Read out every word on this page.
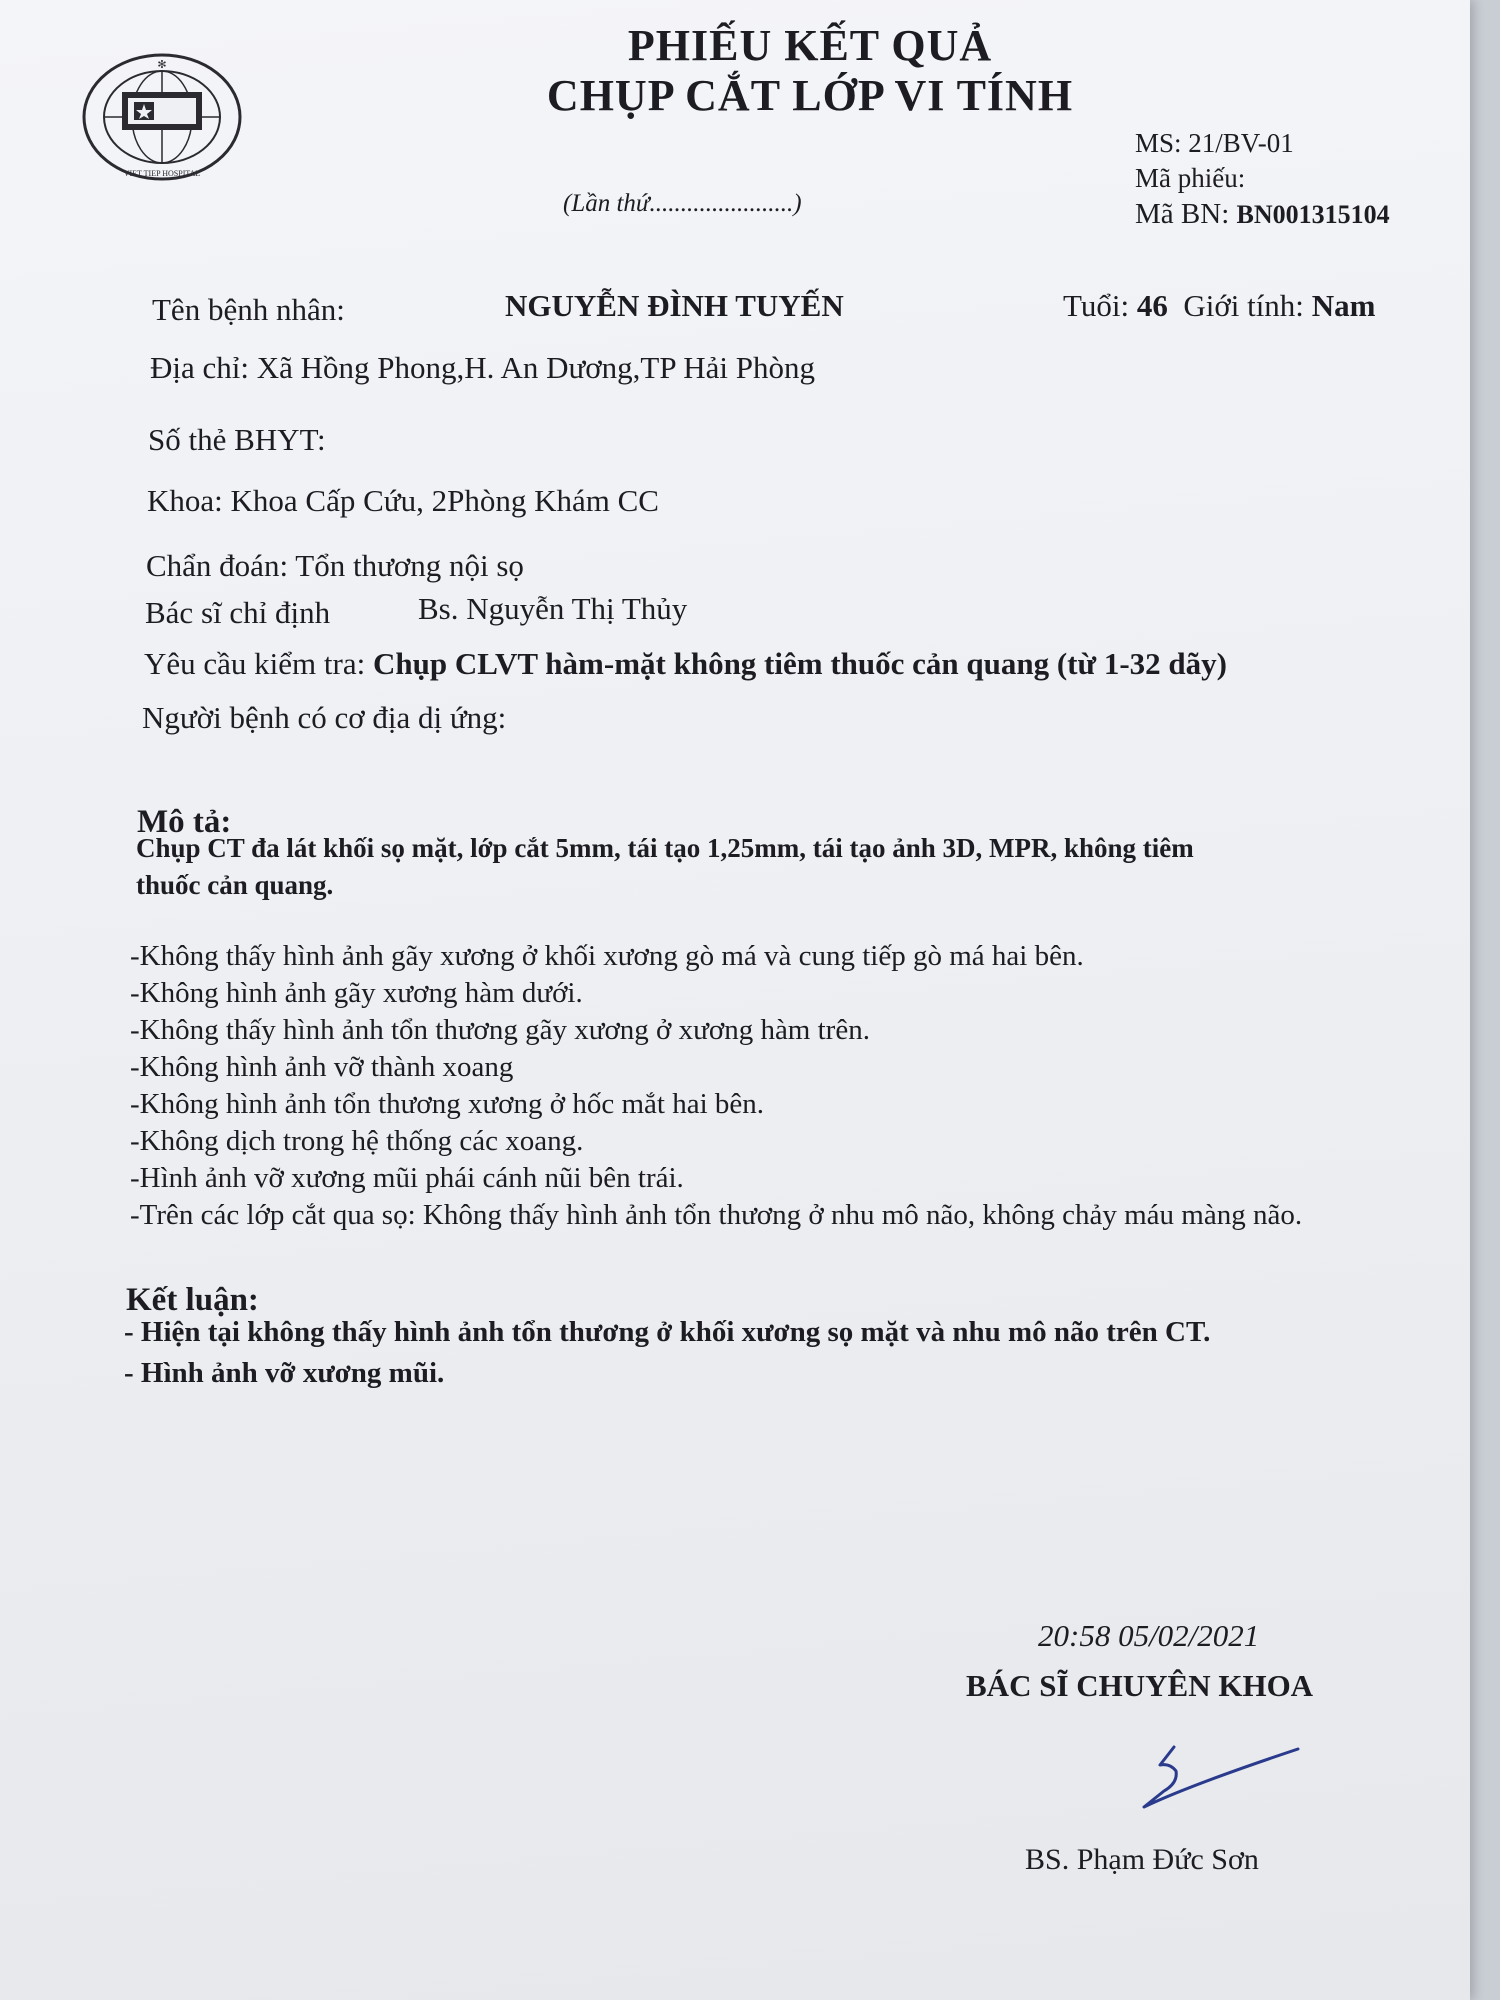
✻
VIET TIEP HOSPITAL
PHIẾU KẾT QUẢ
CHỤP CẮT LỚP VI TÍNH
MS: 21/BV-01
Mã phiếu:
Mã BN: BN001315104
(Lần thứ.......................)
Tên bệnh nhân:	NGUYỄN ĐÌNH TUYẾN	Tuổi: 46 Giới tính: Nam
Địa chỉ: Xã Hồng Phong,H. An Dương,TP Hải Phòng
Số thẻ BHYT:
Khoa: Khoa Cấp Cứu, 2Phòng Khám CC
Chẩn đoán: Tổn thương nội sọ
Bác sĩ chỉ định	Bs. Nguyễn Thị Thủy
Yêu cầu kiểm tra: Chụp CLVT hàm-mặt không tiêm thuốc cản quang (từ 1-32 dãy)
Người bệnh có cơ địa dị ứng:
Mô tả:
Chụp CT đa lát khối sọ mặt, lớp cắt 5mm, tái tạo 1,25mm, tái tạo ảnh 3D, MPR, không tiêm
thuốc cản quang.
-Không thấy hình ảnh gãy xương ở khối xương gò má và cung tiếp gò má hai bên.
-Không hình ảnh gãy xương hàm dưới.
-Không thấy hình ảnh tổn thương gãy xương ở xương hàm trên.
-Không hình ảnh vỡ thành xoang
-Không hình ảnh tổn thương xương ở hốc mắt hai bên.
-Không dịch trong hệ thống các xoang.
-Hình ảnh vỡ xương mũi phái cánh nũi bên trái.
-Trên các lớp cắt qua sọ: Không thấy hình ảnh tổn thương ở nhu mô não, không chảy máu màng não.
Kết luận:
- Hiện tại không thấy hình ảnh tổn thương ở khối xương sọ mặt và nhu mô não trên CT.
- Hình ảnh vỡ xương mũi.
20:58 05/02/2021
BÁC SĨ CHUYÊN KHOA
BS. Phạm Đức Sơn
